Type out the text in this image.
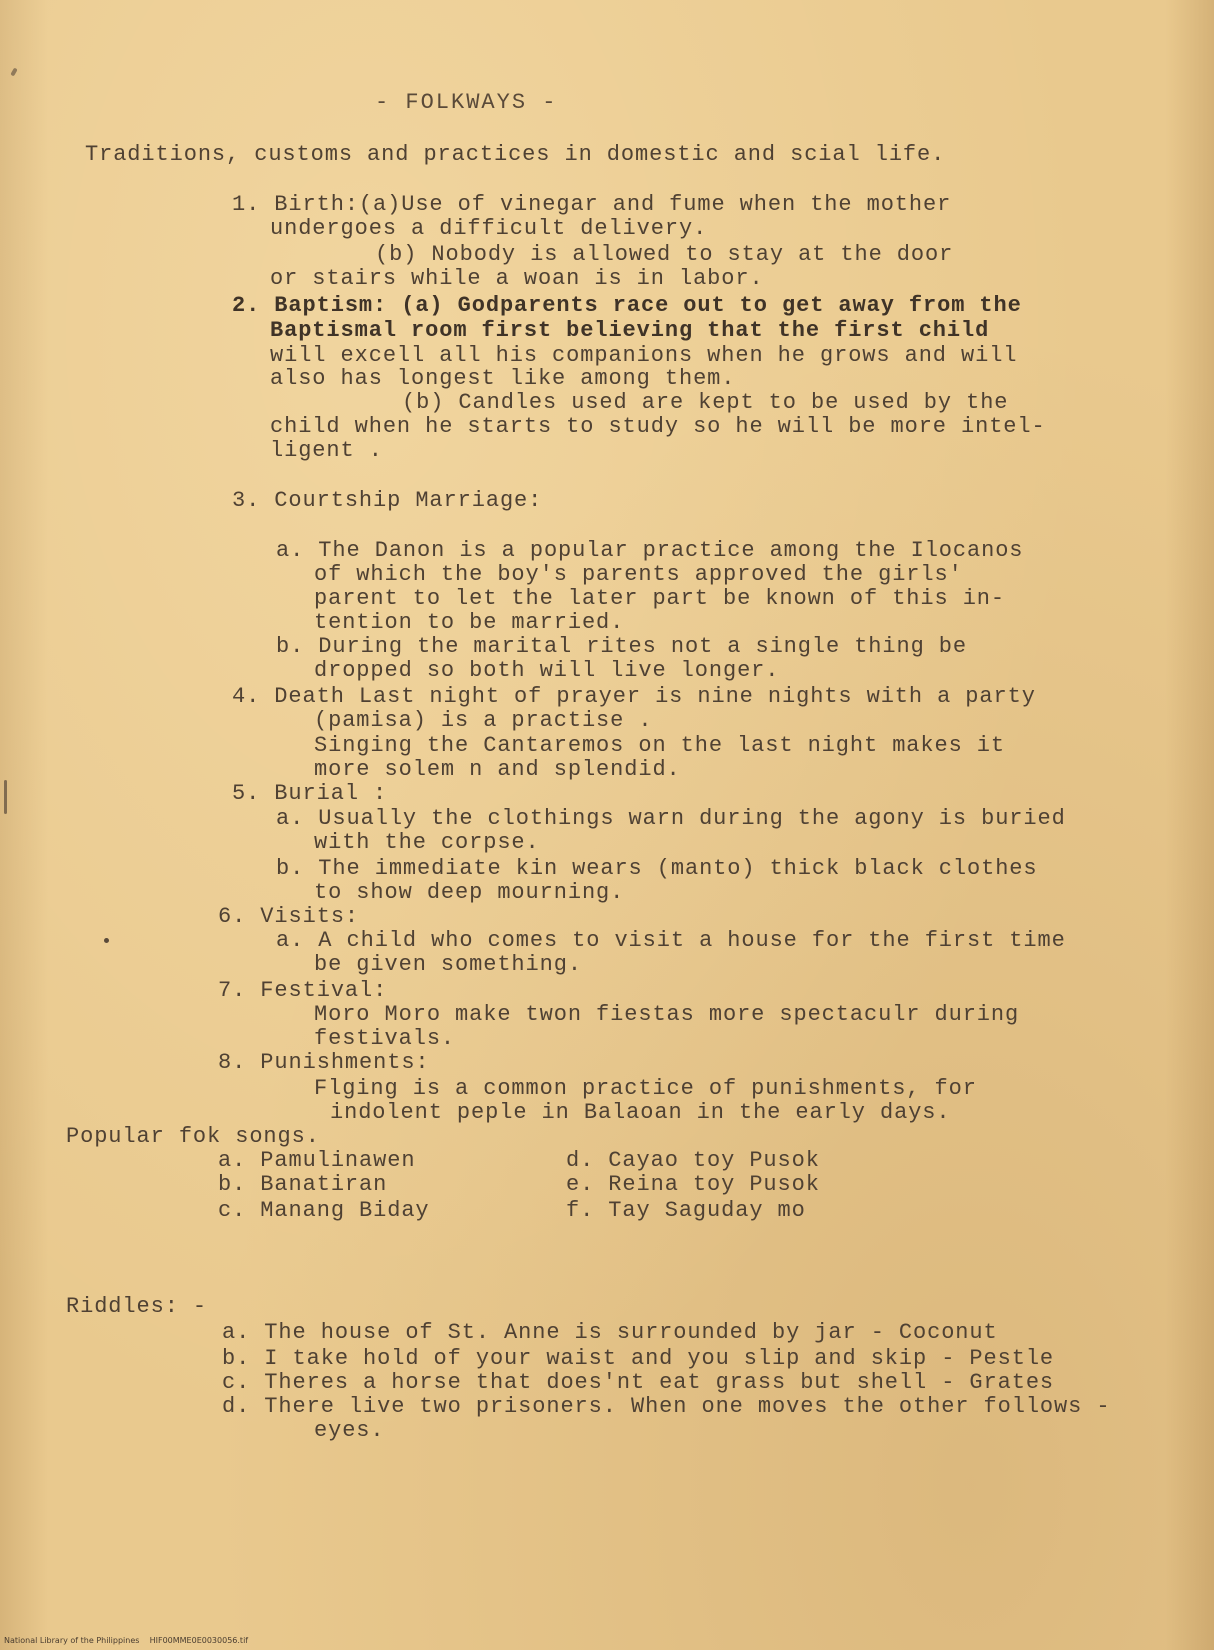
- FOLKWAYS -
Traditions, customs and practices in domestic and scial life.
1. Birth:(a)Use of vinegar and fume when the mother
undergoes a difficult delivery.
(b) Nobody is allowed to stay at the door
or stairs while a woan is in labor.
2. Baptism: (a) Godparents race out to get away from the
Baptismal room first believing that the first child
will excell all his companions when he grows and will
also has longest like among them.
(b) Candles used are kept to be used by the
child when he starts to study so he will be more intel-
ligent .
3. Courtship Marriage:
a. The Danon is a popular practice among the Ilocanos
of which the boy's parents approved the girls'
parent to let the later part be known of this in-
tention to be married.
b. During the marital rites not a single thing be
dropped so both will live longer.
4. Death Last night of prayer is nine nights with a party
(pamisa) is a practise .
Singing the Cantaremos on the last night makes it
more solem n and splendid.
5. Burial :
a. Usually the clothings warn during the agony is buried
with the corpse.
b. The immediate kin wears (manto) thick black clothes
to show deep mourning.
6. Visits:
a. A child who comes to visit a house for the first time
be given something.
7. Festival:
Moro Moro make twon fiestas more spectaculr during
festivals.
8. Punishments:
Flging is a common practice of punishments, for
indolent peple in Balaoan in the early days.
Popular fok songs.
a. Pamulinawen
b. Banatiran
c. Manang Biday
d. Cayao toy Pusok
e. Reina toy Pusok
f. Tay Saguday mo
Riddles: -
a. The house of St. Anne is surrounded by jar - Coconut
b. I take hold of your waist and you slip and skip - Pestle
c. Theres a horse that does'nt eat grass but shell - Grates
d. There live two prisoners. When one moves the other follows -
eyes.
National Library of the Philippines    HIF00MME0E0030056.tif
